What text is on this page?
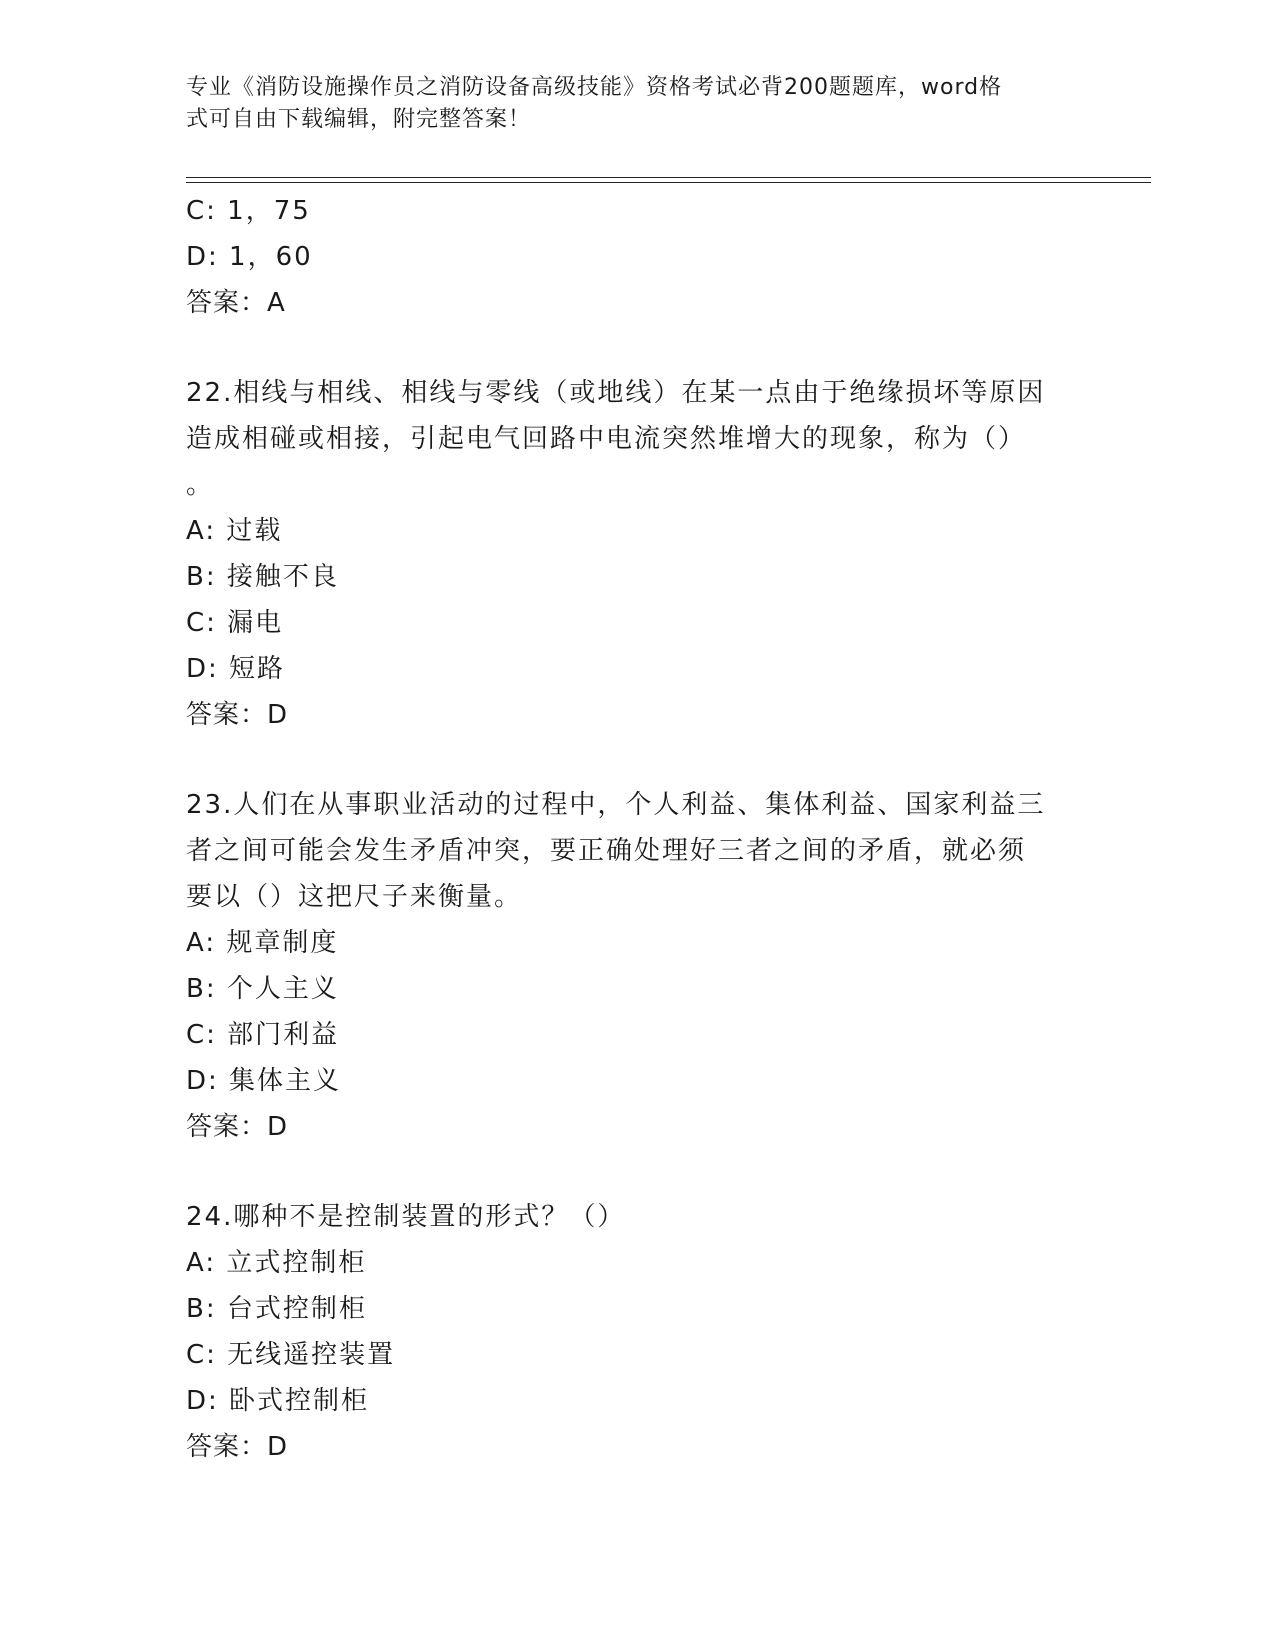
专业《消防设施操作员之消防设备高级技能》资格考试必背200题题库，word格
式可自由下载编辑，附完整答案！
C: 1，75
D: 1，60
答案：A
22.相线与相线、相线与零线（或地线）在某一点由于绝缘损坏等原因
造成相碰或相接，引起电气回路中电流突然堆增大的现象，称为（）
。
A: 过载
B: 接触不良
C: 漏电
D: 短路
答案：D
23.人们在从事职业活动的过程中，个人利益、集体利益、国家利益三
者之间可能会发生矛盾冲突，要正确处理好三者之间的矛盾，就必须
要以（）这把尺子来衡量。
A: 规章制度
B: 个人主义
C: 部门利益
D: 集体主义
答案：D
24.哪种不是控制装置的形式？（）
A: 立式控制柜
B: 台式控制柜
C: 无线遥控装置
D: 卧式控制柜
答案：D
